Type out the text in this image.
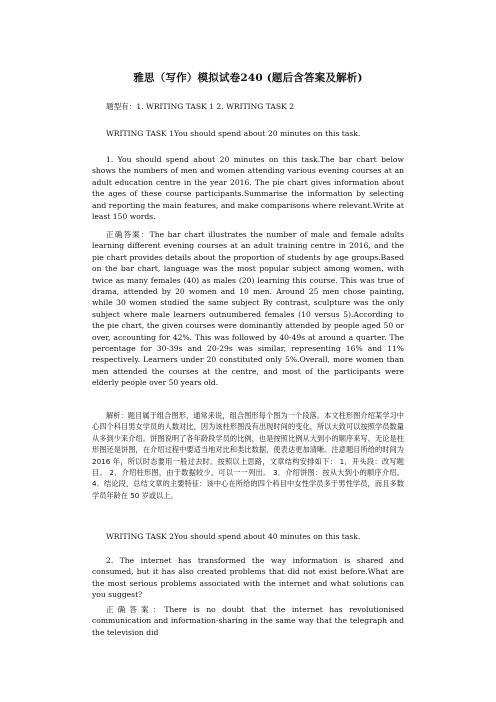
雅思（写作）模拟试卷240 (题后含答案及解析)

题型有：1. WRITING TASK 1 2. WRITING TASK 2

WRITING TASK 1You should spend about 20 minutes on this task.

1. You should spend about 20 minutes on this task.The bar chart below shows the numbers of men and women attending various evening courses at an adult education centre in the year 2016. The pie chart gives information about the ages of these course participants.Summarise the information by selecting and reporting the main features, and make comparisons where relevant.Write at least 150 words.

正确答案：The bar chart illustrates the number of male and female adults learning different evening courses at an adult training centre in 2016, and the pie chart provides details about the proportion of students by age groups.Based on the bar chart, language was the most popular subject among women, with twice as many females (40) as males (20) learning this course. This was true of drama, attended by 20 women and 10 men. Around 25 men chose painting, while 30 women studied the same subject By contrast, sculpture was the only subject where male learners outnumbered females (10 versus 5).According to the pie chart, the given courses were dominantly attended by people aged 50 or over, accounting for 42%. This was followed by 40-49s at around a quarter. The percentage for 30-39s and 20-29s was similar, representing 16% and 11% respectively. Learners under 20 constituted only 5%.Overall, more women than men attended the courses at the centre, and most of the participants were elderly people over 50 years old.

解析：题目属于组合图形，通常来说，组合图形每个图为一个段落。本文柱形图介绍某学习中心四个科目男女学员的人数对比，因为该柱形图没有出现时间的变化，所以大致可以按照学员数量从多到少来介绍。饼图说明了各年龄段学员的比例，也是按照比例从大到小的顺序来写。无论是柱形图还是饼图，在介绍过程中要适当地对比和类比数据，使表达更加清晰。注意题目所给的时间为 2016 年，所以时态要用一般过去时。按照以上思路，文章结构安排如下： 1．开头段：改写题目。 2．介绍柱形图，由于数据较少，可以一一列出。 3．介绍饼图：按从大到小的顺序介绍。 4．结论段，总结文章的主要特征：该中心在所给的四个科目中女性学员多于男性学员，而且多数学员年龄在 50 岁或以上。

WRITING TASK 2You should spend about 40 minutes on this task.

2. The internet has transformed the way information is shared and consumed, but it has also created problems that did not exist before.What are the most serious problems associated with the internet and what solutions can you suggest?

正确答案：There is no doubt that the internet has revolutionised communication and information-sharing in the same way that the telegraph and the television did
